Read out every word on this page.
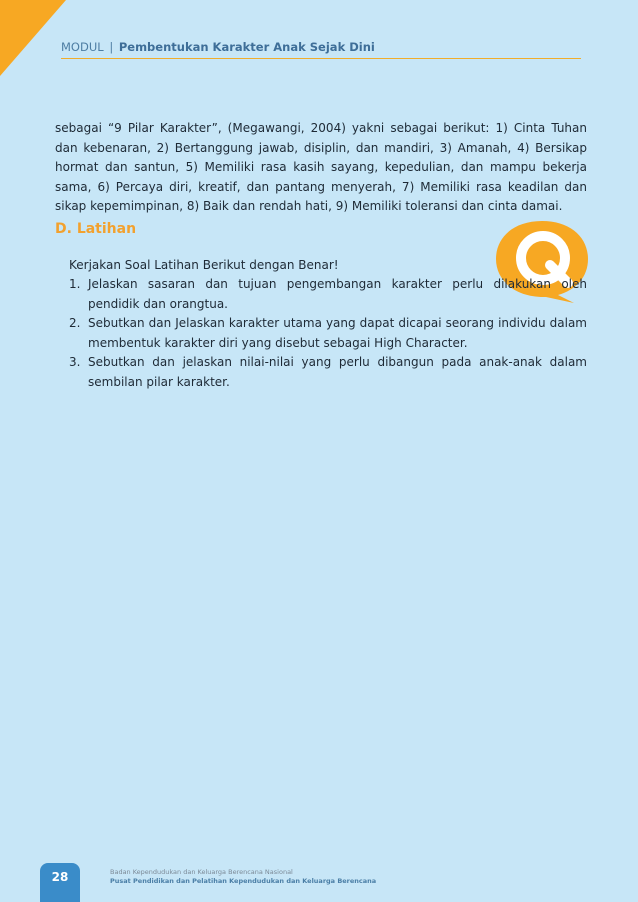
MODUL | Pembentukan Karakter Anak Sejak Dini

sebagai “9 Pilar Karakter”, (Megawangi, 2004) yakni sebagai berikut: 1) Cinta Tuhan dan kebenaran, 2) Bertanggung jawab, disiplin, dan mandiri, 3) Amanah, 4) Bersikap hormat dan santun, 5) Memiliki rasa kasih sayang, kepedulian, dan mampu bekerja sama, 6) Percaya diri, kreatif, dan pantang menyerah, 7) Memiliki rasa keadilan dan sikap kepemimpinan, 8) Baik dan rendah hati, 9) Memiliki toleransi dan cinta damai.

D. Latihan
Kerjakan Soal Latihan Berikut dengan Benar!
1. Jelaskan sasaran dan tujuan pengembangan karakter perlu dilakukan oleh pendidik dan orangtua.
2. Sebutkan dan Jelaskan karakter utama yang dapat dicapai seorang individu dalam membentuk karakter diri yang disebut sebagai High Character.
3. Sebutkan dan jelaskan nilai-nilai yang perlu dibangun pada anak-anak dalam sembilan pilar karakter.
28	Badan Kependudukan dan Keluarga Berencana Nasional
Pusat Pendidikan dan Pelatihan Kependudukan dan Keluarga Berencana
